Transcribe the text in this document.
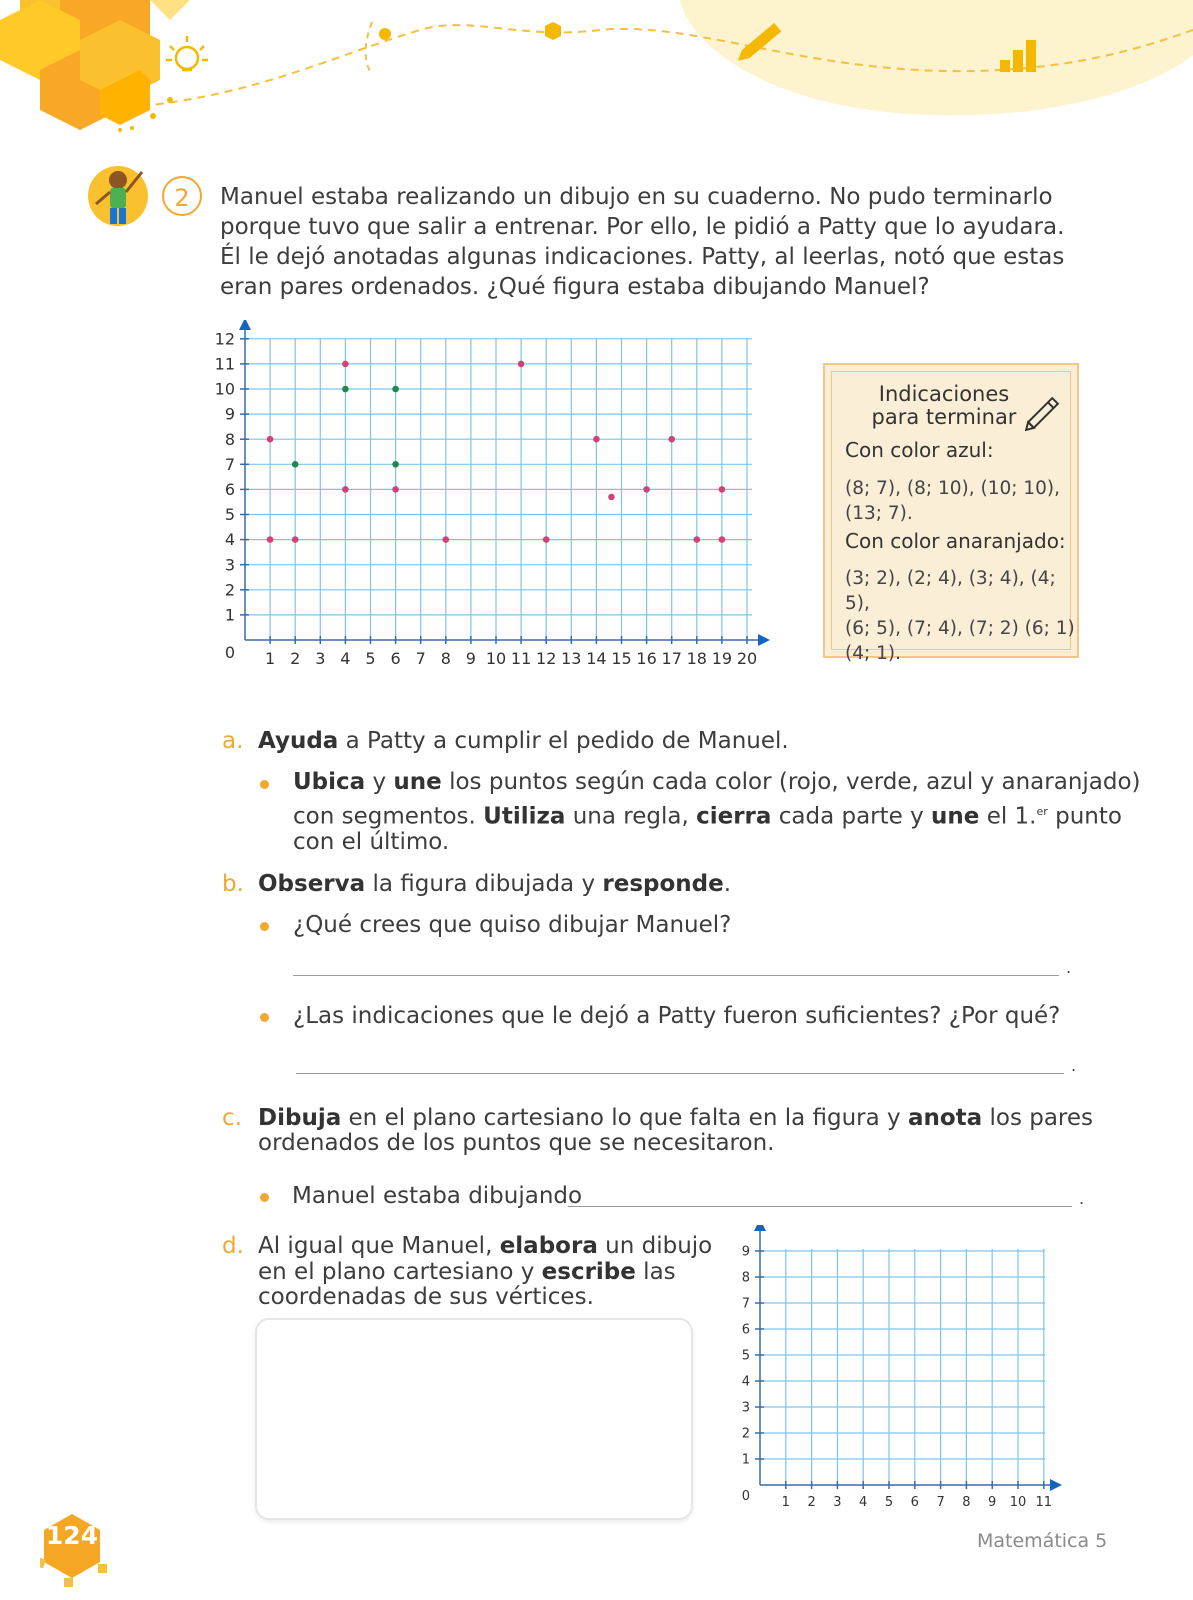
2	Manuel estaba realizando un dibujo en su cuaderno. No pudo terminarlo porque tuvo que salir a entrenar. Por ello, le pidió a Patty que lo ayudara. Él le dejó anotadas algunas indicaciones. Patty, al leerlas, notó que estas eran pares ordenados. ¿Qué figura estaba dibujando Manuel?
1 2 3 4 5 6 7 8 9 10 11 12 13 14 15 16 17 18 19 20
1
2
3
4
5
6
7
8
9
10
11
12
0
Indicaciones
para terminar
Con color azul:
(8; 7), (8; 10), (10; 10),
(13; 7).
Con color anaranjado:
(3; 2), (2; 4), (3; 4), (4; 5),
(6; 5), (7; 4), (7; 2) (6; 1)
(4; 1).
a. Ayuda a Patty a cumplir el pedido de Manuel.
Ubica y une los puntos según cada color (rojo, verde, azul y anaranjado)
con segmentos. Utiliza una regla, cierra cada parte y une el 1.$^{er}$ punto
con el último.
b. Observa la figura dibujada y responde.
¿Qué crees que quiso dibujar Manuel?
.
¿Las indicaciones que le dejó a Patty fueron suficientes? ¿Por qué?
.
c. Dibuja en el plano cartesiano lo que falta en la figura y anota los pares
ordenados de los puntos que se necesitaron.
Manuel estaba dibujando	.
d. Al igual que Manuel, elabora un dibujo
en el plano cartesiano y escribe las
coordenadas de sus vértices.
1 2 3 4 5 6 7 8 9 10 11
1
2
3
4
5
6
7
8
9
0
124	Matemática 5
